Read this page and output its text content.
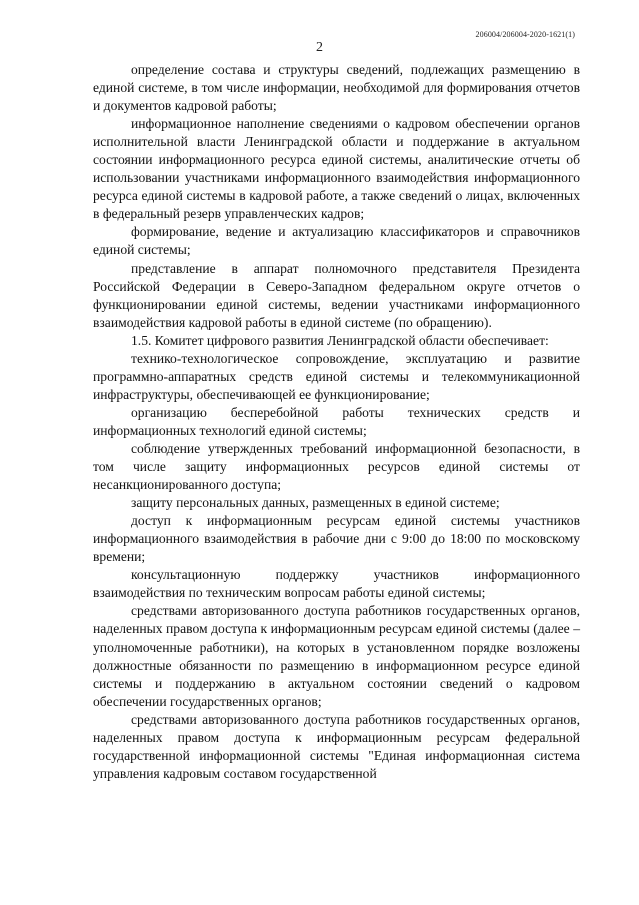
206004/206004-2020-1621(1)
2

определение состава и структуры сведений, подлежащих размещению в единой системе, в том числе информации, необходимой для формирования отчетов и документов кадровой работы;

информационное наполнение сведениями о кадровом обеспечении органов исполнительной власти Ленинградской области и поддержание в актуальном состоянии информационного ресурса единой системы, аналитические отчеты об использовании участниками информационного взаимодействия информационного ресурса единой системы в кадровой работе, а также сведений о лицах, включенных в федеральный резерв управленческих кадров;

формирование, ведение и актуализацию классификаторов и справочников единой системы;

представление в аппарат полномочного представителя Президента Российской Федерации в Северо-Западном федеральном округе отчетов о функционировании единой системы, ведении участниками информационного взаимодействия кадровой работы в единой системе (по обращению).

1.5. Комитет цифрового развития Ленинградской области обеспечивает:

технико-технологическое сопровождение, эксплуатацию и развитие программно-аппаратных средств единой системы и телекоммуникационной инфраструктуры, обеспечивающей ее функционирование;

организацию бесперебойной работы технических средств и информационных технологий единой системы;

соблюдение утвержденных требований информационной безопасности, в том числе защиту информационных ресурсов единой системы от несанкционированного доступа;

защиту персональных данных, размещенных в единой системе;

доступ к информационным ресурсам единой системы участников информационного взаимодействия в рабочие дни с 9:00 до 18:00 по московскому времени;

консультационную поддержку участников информационного взаимодействия по техническим вопросам работы единой системы;

средствами авторизованного доступа работников государственных органов, наделенных правом доступа к информационным ресурсам единой системы (далее – уполномоченные работники), на которых в установленном порядке возложены должностные обязанности по размещению в информационном ресурсе единой системы и поддержанию в актуальном состоянии сведений о кадровом обеспечении государственных органов;

средствами авторизованного доступа работников государственных органов, наделенных правом доступа к информационным ресурсам федеральной государственной информационной системы "Единая информационная система управления кадровым составом государственной
